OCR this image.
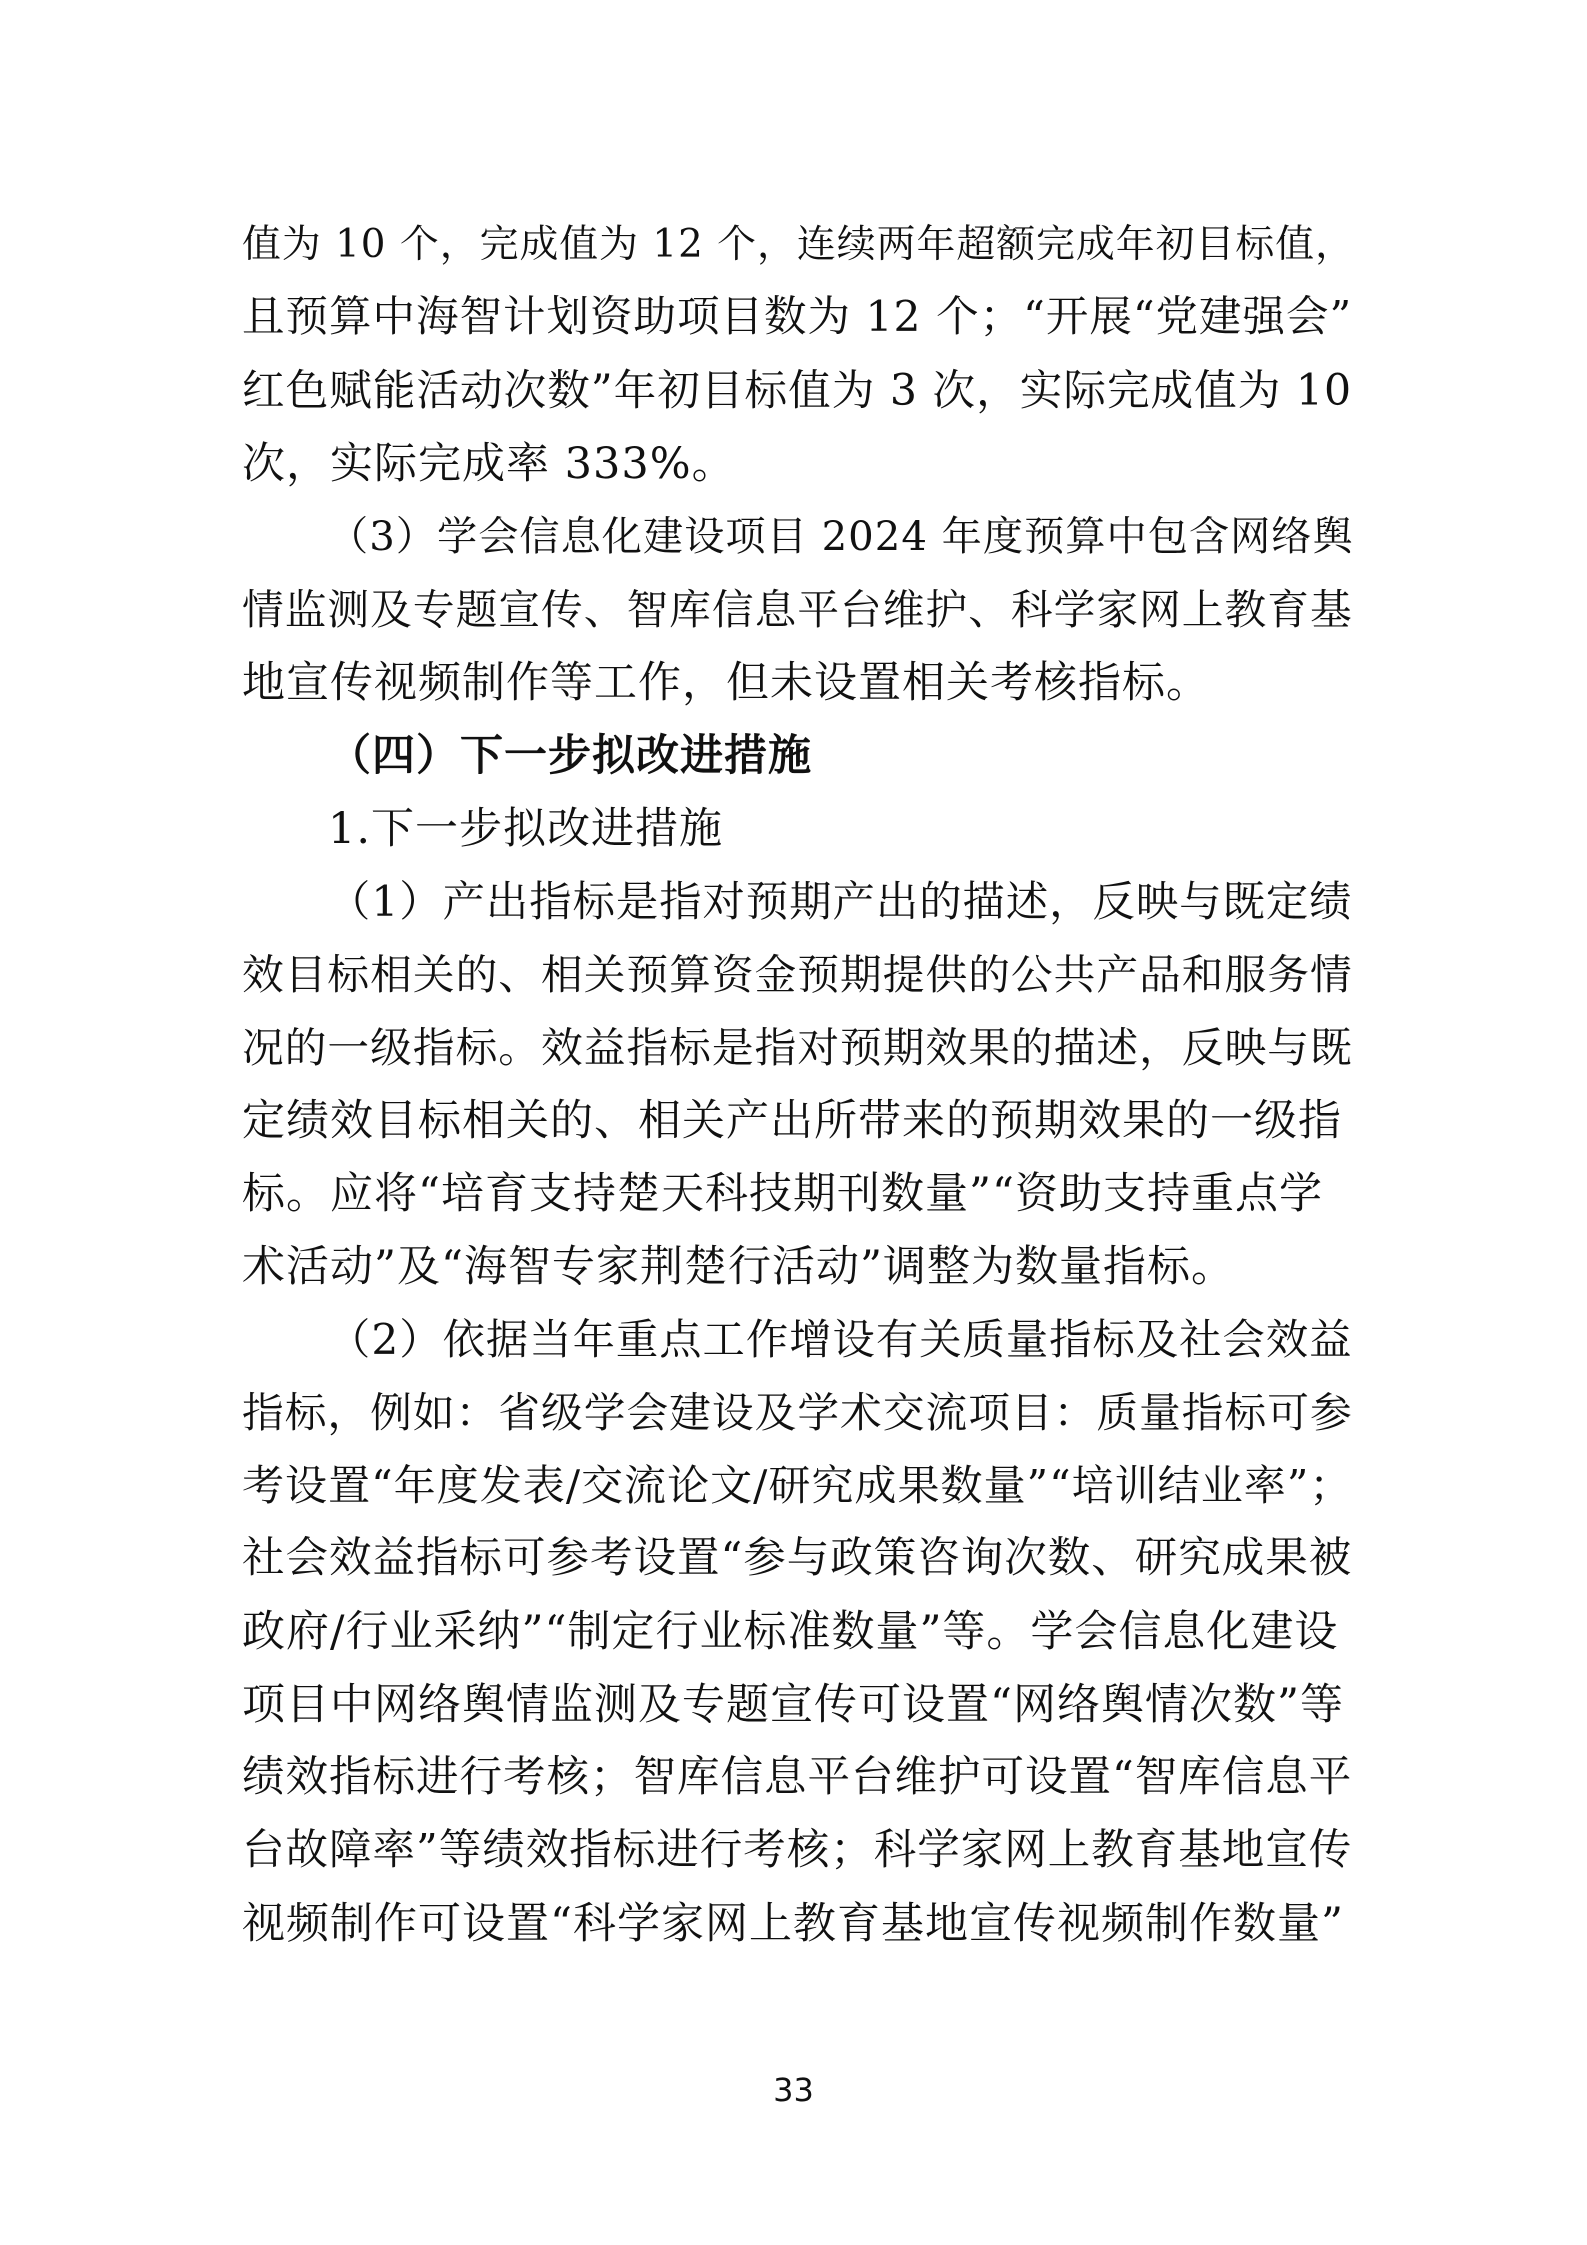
值为 10 个，完成值为 12 个，连续两年超额完成年初目标值，
且预算中海智计划资助项目数为 12 个；“开展“党建强会”
红色赋能活动次数”年初目标值为 3 次，实际完成值为 10
次，实际完成率 333%。
（3）学会信息化建设项目 2024 年度预算中包含网络舆
情监测及专题宣传、智库信息平台维护、科学家网上教育基
地宣传视频制作等工作，但未设置相关考核指标。
（四）下一步拟改进措施
1.下一步拟改进措施
（1）产出指标是指对预期产出的描述，反映与既定绩
效目标相关的、相关预算资金预期提供的公共产品和服务情
况的一级指标。效益指标是指对预期效果的描述，反映与既
定绩效目标相关的、相关产出所带来的预期效果的一级指
标。应将“培育支持楚天科技期刊数量”“资助支持重点学
术活动”及“海智专家荆楚行活动”调整为数量指标。
（2）依据当年重点工作增设有关质量指标及社会效益
指标，例如：省级学会建设及学术交流项目：质量指标可参
考设置“年度发表/交流论文/研究成果数量”“培训结业率”；
社会效益指标可参考设置“参与政策咨询次数、研究成果被
政府/行业采纳”“制定行业标准数量”等。学会信息化建设
项目中网络舆情监测及专题宣传可设置“网络舆情次数”等
绩效指标进行考核；智库信息平台维护可设置“智库信息平
台故障率”等绩效指标进行考核；科学家网上教育基地宣传
视频制作可设置“科学家网上教育基地宣传视频制作数量”
33
